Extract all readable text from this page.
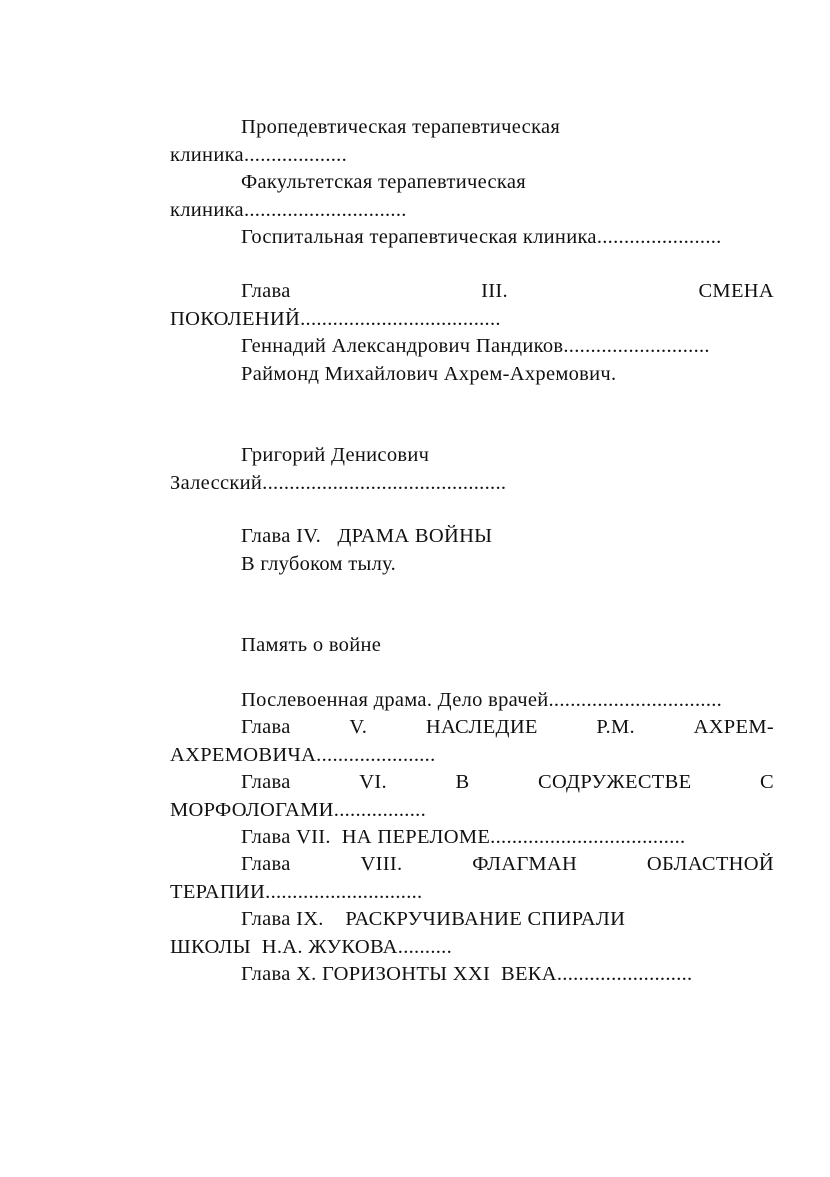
Пропедевтическая терапевтическая
клиника...................
Факультетская терапевтическая
клиника..............................
Госпитальная терапевтическая клиника.......................
Глава	III.	СМЕНА
ПОКОЛЕНИЙ.....................................
Геннадий Александрович Пандиков...........................
Раймонд Михайлович Ахрем-Ахремович.
Григорий Денисович
Залесский.............................................
Глава IV.   ДРАМА ВОЙНЫ
В глубоком тылу.
Память о войне
Послевоенная драма. Дело врачей................................
Глава	V.	НАСЛЕДИЕ	Р.М.	АХРЕМ-
АХРЕМОВИЧА......................
Глава	VI.	В	СОДРУЖЕСТВЕ	С
МОРФОЛОГАМИ.................
Глава VII.  НА ПЕРЕЛОМЕ....................................
Глава	VIII.	ФЛАГМАН	ОБЛАСТНОЙ
ТЕРАПИИ.............................
Глава IX.    РАСКРУЧИВАНИЕ СПИРАЛИ
ШКОЛЫ  Н.А. ЖУКОВА..........
Глава X. ГОРИЗОНТЫ XXI  ВЕКА.........................
